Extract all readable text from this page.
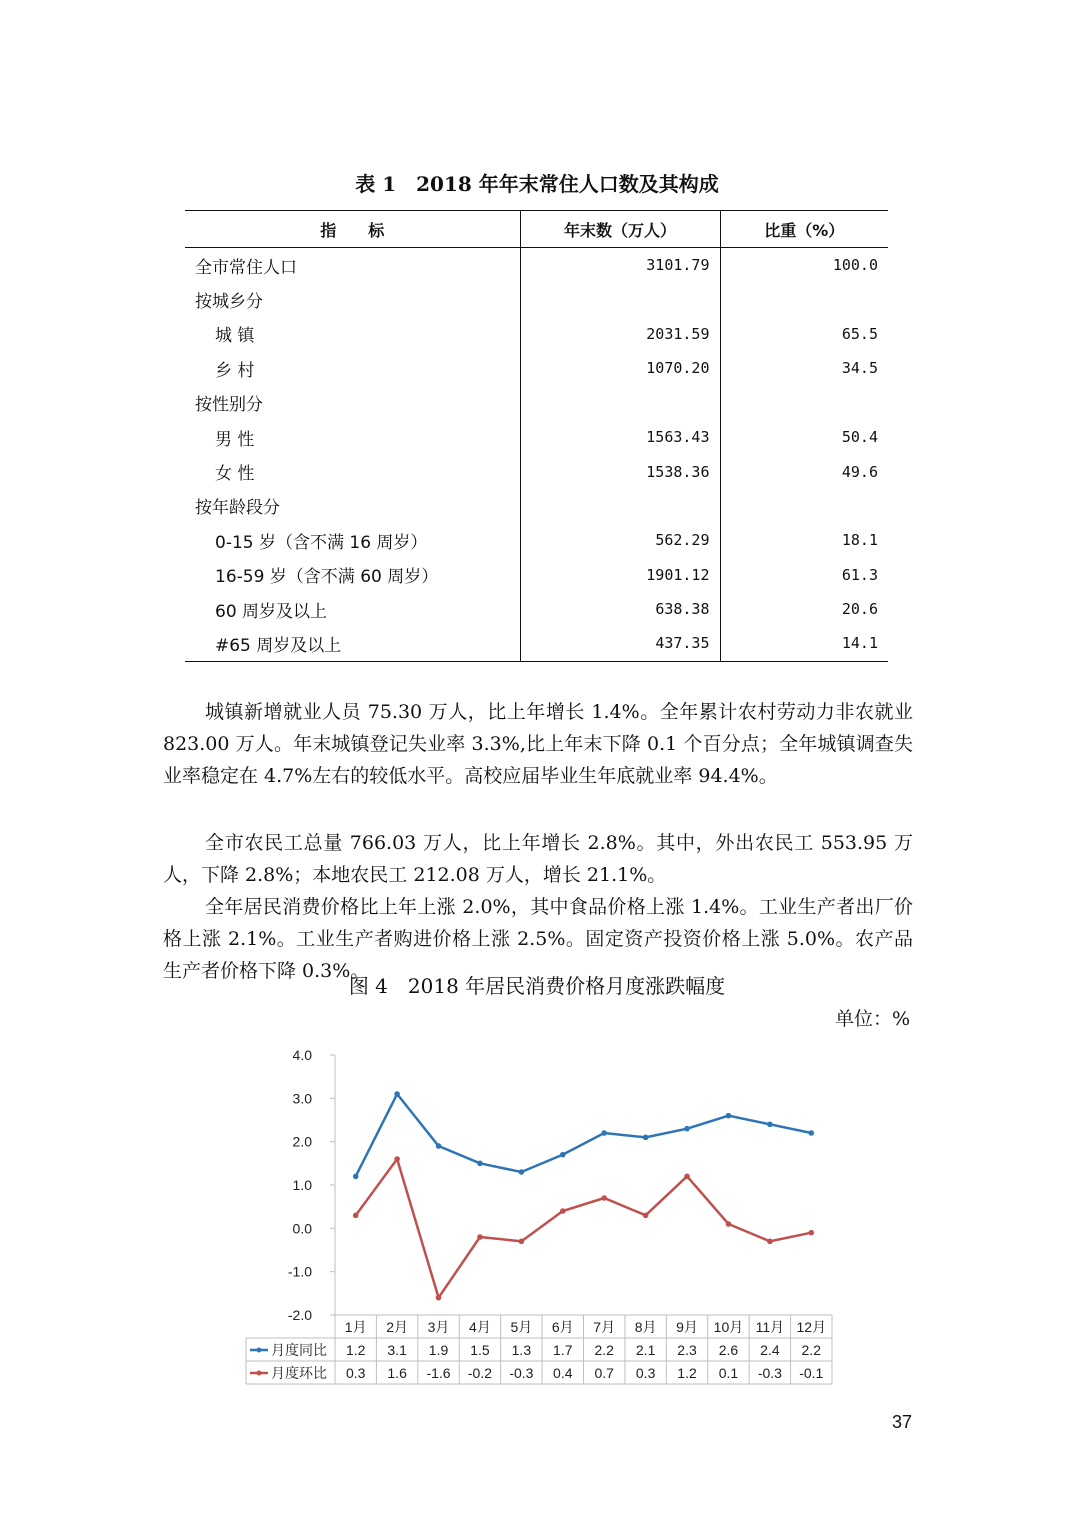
表 1　2018 年年末常住人口数及其构成
指　　标	年末数（万人）	比重（%）
全市常住人口	3101.79	100.0
按城乡分		
城 镇	2031.59	65.5
乡 村	1070.20	34.5
按性别分		
男 性	1563.43	50.4
女 性	1538.36	49.6
按年龄段分		
0-15 岁（含不满 16 周岁）	562.29	18.1
16-59 岁（含不满 60 周岁）	1901.12	61.3
60 周岁及以上	638.38	20.6
#65 周岁及以上	437.35	14.1

城镇新增就业人员 75.30 万人，比上年增长 1.4%。全年累计农村劳动力非农就业 823.00 万人。年末城镇登记失业率 3.3%,比上年末下降 0.1 个百分点；全年城镇调查失业率稳定在 4.7%左右的较低水平。高校应届毕业生年底就业率 94.4%。

全市农民工总量 766.03 万人，比上年增长 2.8%。其中，外出农民工 553.95 万人，下降 2.8%；本地农民工 212.08 万人，增长 21.1%。

全年居民消费价格比上年上涨 2.0%，其中食品价格上涨 1.4%。工业生产者出厂价格上涨 2.1%。工业生产者购进价格上涨 2.5%。固定资产投资价格上涨 5.0%。农产品生产者价格下降 0.3%。

图 4　2018 年居民消费价格月度涨跌幅度
单位：%
4.0
3.0
2.0
1.0
0.0
-1.0
-2.0
1月 2月 3月 4月 5月 6月 7月 8月 9月 10月 11月 12月
月度同比 1.2 3.1 1.9 1.5 1.3 1.7 2.2 2.1 2.3 2.6 2.4 2.2
月度环比 0.3 1.6 -1.6 -0.2 -0.3 0.4 0.7 0.3 1.2 0.1 -0.3 -0.1
37
